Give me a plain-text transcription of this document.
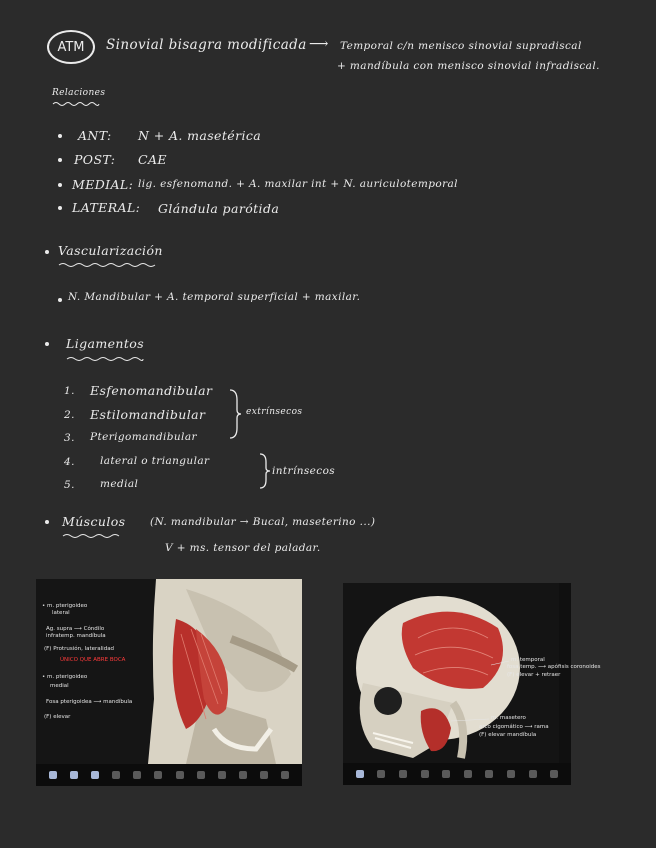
ATM Sinovial bisagra modificada ⟶ Temporal c/n menisco sinovial supradiscal
+ mandíbula con menisco sinovial infradiscal.
Relaciones
ANT: N + A. masetérica
POST: CAE
MEDIAL: lig. esfenomand. + A. maxilar int + N. auriculotemporal
LATERAL: Glándula parótida
Vascularización
N. Mandibular + A. temporal superficial + maxilar.
Ligamentos
1. Esfenomandibular
2. Estilomandibular
3. Pterigomandibular
4. lateral o triangular
5. medial
extrínsecos
intrínsecos
Músculos (N. mandibular → Bucal, maseterino ...)
V + ms. tensor del paladar.
• m. pterigoideo
lateral
Ag. supra ⟶ Cóndilo
infratemp. mandíbula
(F) Protrusión, lateralidad
ÚNICO QUE ABRE BOCA
• m. pterigoideo
medial
Fosa pterigoidea ⟶ mandíbula
(F) elevar
m. temporal
fosa temp. ⟶ apófisis coronoides
(F) elevar + retraer
m. masetero
arco cigomático ⟶ rama
(F) elevar mandíbula
